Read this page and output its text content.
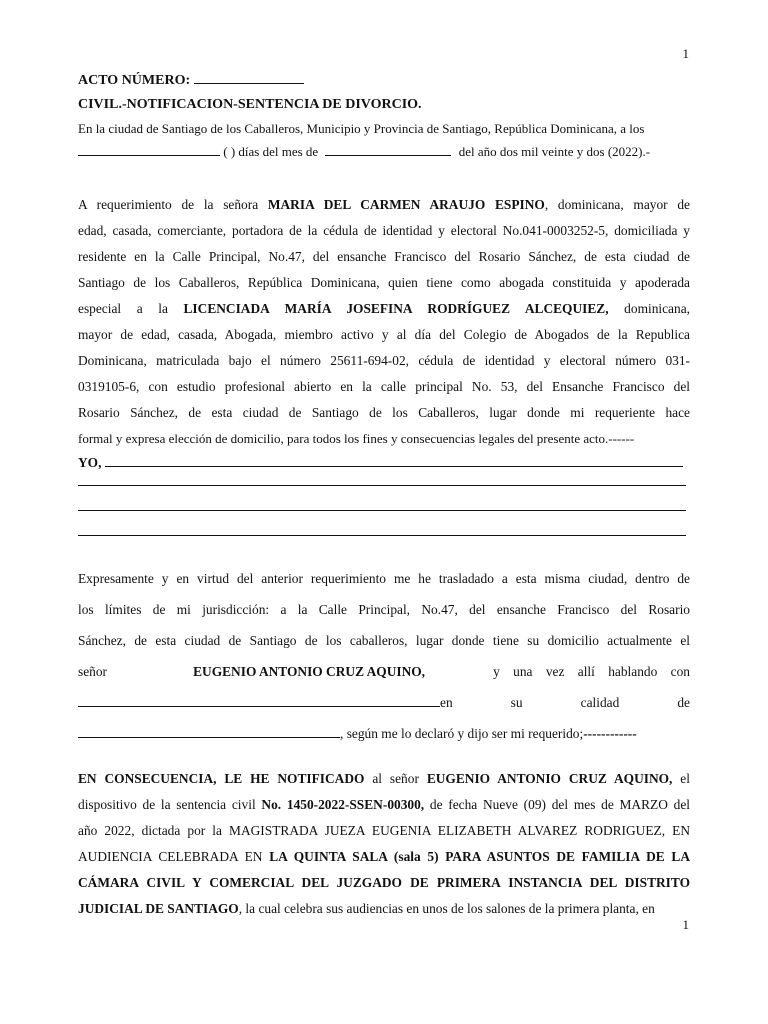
1
ACTO NÚMERO:
CIVIL.-NOTIFICACION-SENTENCIA DE DIVORCIO.
En la ciudad de Santiago de los Caballeros, Municipio y Provincia de Santiago, República Dominicana, a los
( ) días del mes de	del año dos mil veinte y dos (2022).-
A requerimiento de la señora MARIA DEL CARMEN ARAUJO ESPINO, dominicana, mayor de
edad, casada, comerciante, portadora de la cédula de identidad y electoral No.041-0003252-5, domiciliada y
residente en la Calle Principal, No.47, del ensanche Francisco del Rosario Sánchez, de esta ciudad de
Santiago de los Caballeros, República Dominicana, quien tiene como abogada constituida y apoderada
especial a la LICENCIADA MARÍA JOSEFINA RODRÍGUEZ ALCEQUIEZ, dominicana,
mayor de edad, casada, Abogada, miembro activo y al día del Colegio de Abogados de la Republica
Dominicana, matriculada bajo el número 25611-694-02, cédula de identidad y electoral número 031-
0319105-6, con estudio profesional abierto en la calle principal No. 53, del Ensanche Francisco del
Rosario Sánchez, de esta ciudad de Santiago de los Caballeros, lugar donde mi requeriente hace
formal y expresa elección de domicilio, para todos los fines y consecuencias legales del presente acto.------
YO,
Expresamente y en virtud del anterior requerimiento me he trasladado a esta misma ciudad, dentro de
los límites de mi jurisdicción: a la Calle Principal, No.47, del ensanche Francisco del Rosario
Sánchez, de esta ciudad de Santiago de los caballeros, lugar donde tiene su domicilio actualmente el
señor	EUGENIO ANTONIO CRUZ AQUINO,	y una vez allí hablando con
en	su	calidad	de
, según me lo declaró y dijo ser mi requerido;------------
EN CONSECUENCIA, LE HE NOTIFICADO al señor EUGENIO ANTONIO CRUZ AQUINO, el
dispositivo de la sentencia civil No. 1450-2022-SSEN-00300, de fecha Nueve (09) del mes de MARZO del
año 2022, dictada por la MAGISTRADA JUEZA EUGENIA ELIZABETH ALVAREZ RODRIGUEZ, EN
AUDIENCIA CELEBRADA EN LA QUINTA SALA (sala 5) PARA ASUNTOS DE FAMILIA DE LA
CÁMARA CIVIL Y COMERCIAL DEL JUZGADO DE PRIMERA INSTANCIA DEL DISTRITO
JUDICIAL DE SANTIAGO, la cual celebra sus audiencias en unos de los salones de la primera planta, en
1
